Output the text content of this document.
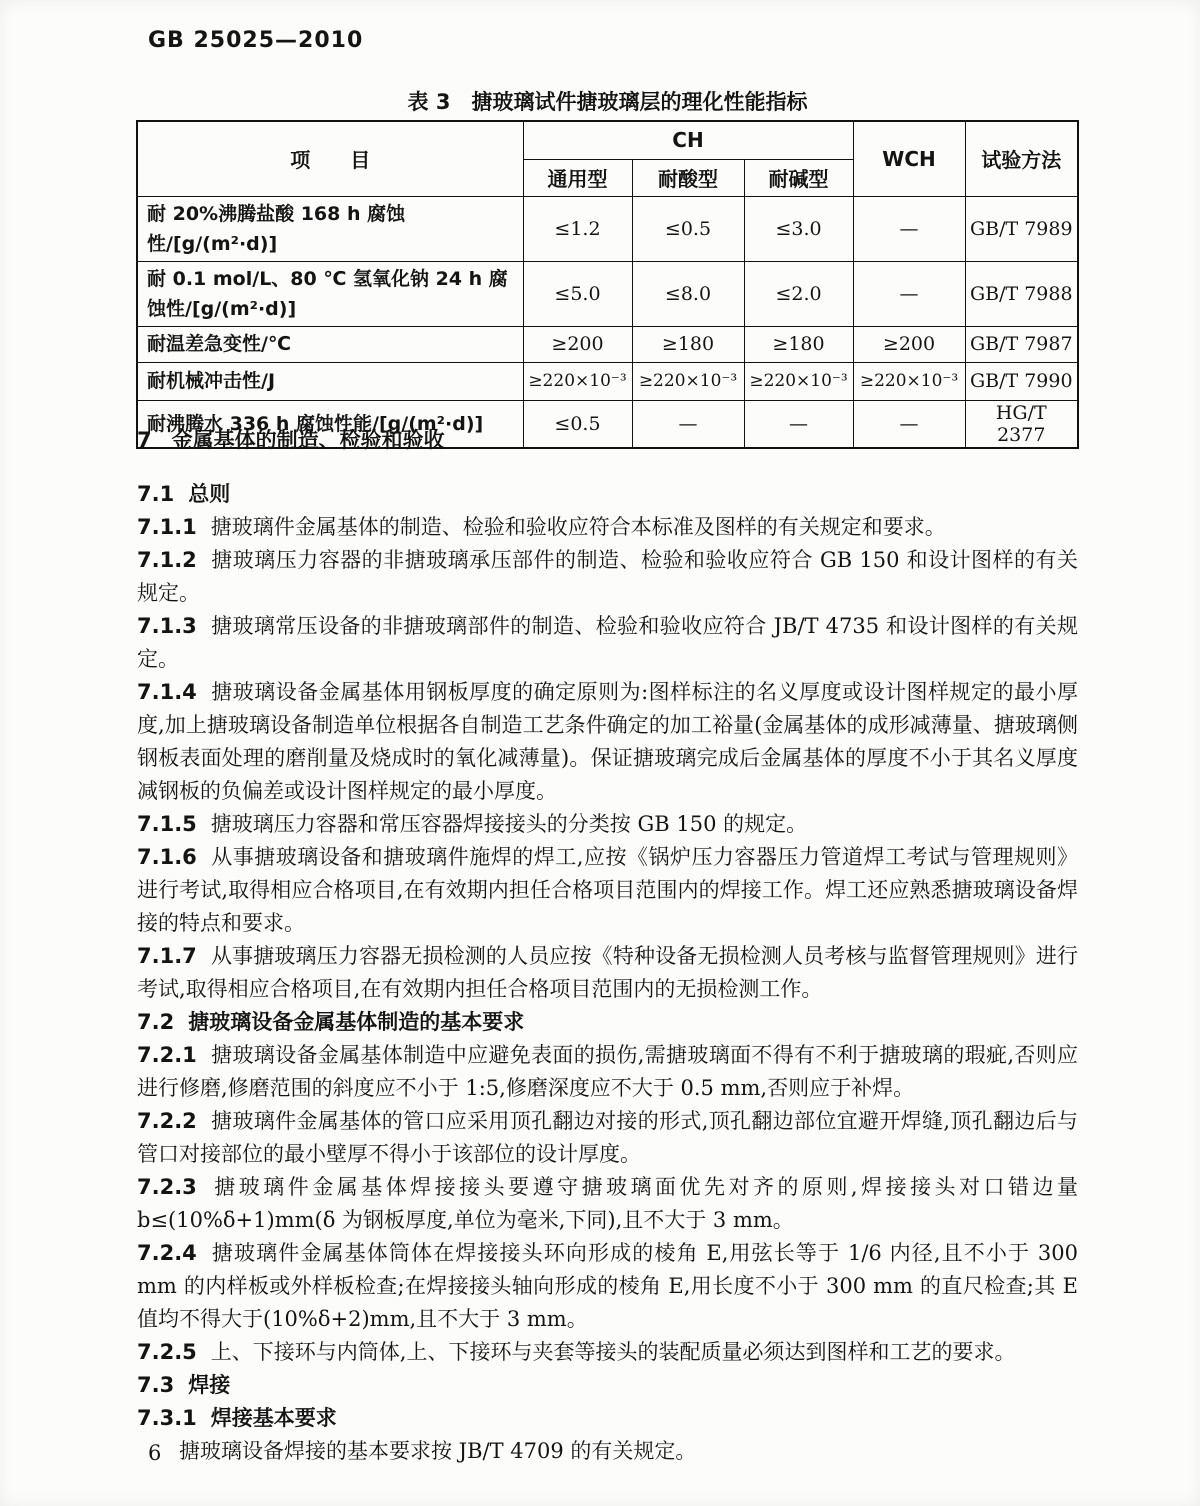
GB 25025—2010
表 3　搪玻璃试件搪玻璃层的理化性能指标
项　　目	CH			WCH	试验方法
	通用型	耐酸型	耐碱型		
耐 20%沸腾盐酸 168 h 腐蚀性/[g/(m²·d)]	≤1.2	≤0.5	≤3.0	—	GB/T 7989
耐 0.1 mol/L、80 ℃ 氢氧化钠 24 h 腐蚀性/[g/(m²·d)]	≤5.0	≤8.0	≤2.0	—	GB/T 7988
耐温差急变性/℃	≥200	≥180	≥180	≥200	GB/T 7987
耐机械冲击性/J	≥220×10⁻³	≥220×10⁻³	≥220×10⁻³	≥220×10⁻³	GB/T 7990
耐沸腾水 336 h 腐蚀性能/[g/(m²·d)]	≤0.5	—	—	—	HG/T 2377

7 金属基体的制造、检验和验收

7.1 总则

7.1.1 搪玻璃件金属基体的制造、检验和验收应符合本标准及图样的有关规定和要求。

7.1.2 搪玻璃压力容器的非搪玻璃承压部件的制造、检验和验收应符合 GB 150 和设计图样的有关规定。

7.1.3 搪玻璃常压设备的非搪玻璃部件的制造、检验和验收应符合 JB/T 4735 和设计图样的有关规定。

7.1.4 搪玻璃设备金属基体用钢板厚度的确定原则为:图样标注的名义厚度或设计图样规定的最小厚度,加上搪玻璃设备制造单位根据各自制造工艺条件确定的加工裕量(金属基体的成形减薄量、搪玻璃侧钢板表面处理的磨削量及烧成时的氧化减薄量)。保证搪玻璃完成后金属基体的厚度不小于其名义厚度减钢板的负偏差或设计图样规定的最小厚度。

7.1.5 搪玻璃压力容器和常压容器焊接接头的分类按 GB 150 的规定。

7.1.6 从事搪玻璃设备和搪玻璃件施焊的焊工,应按《锅炉压力容器压力管道焊工考试与管理规则》进行考试,取得相应合格项目,在有效期内担任合格项目范围内的焊接工作。焊工还应熟悉搪玻璃设备焊接的特点和要求。

7.1.7 从事搪玻璃压力容器无损检测的人员应按《特种设备无损检测人员考核与监督管理规则》进行考试,取得相应合格项目,在有效期内担任合格项目范围内的无损检测工作。

7.2 搪玻璃设备金属基体制造的基本要求

7.2.1 搪玻璃设备金属基体制造中应避免表面的损伤,需搪玻璃面不得有不利于搪玻璃的瑕疵,否则应进行修磨,修磨范围的斜度应不小于 1:5,修磨深度应不大于 0.5 mm,否则应于补焊。

7.2.2 搪玻璃件金属基体的管口应采用顶孔翻边对接的形式,顶孔翻边部位宜避开焊缝,顶孔翻边后与管口对接部位的最小壁厚不得小于该部位的设计厚度。

7.2.3 搪玻璃件金属基体焊接接头要遵守搪玻璃面优先对齐的原则,焊接接头对口错边量 b≤(10%δ+1)mm(δ 为钢板厚度,单位为毫米,下同),且不大于 3 mm。

7.2.4 搪玻璃件金属基体筒体在焊接接头环向形成的棱角 E,用弦长等于 1/6 内径,且不小于 300 mm 的内样板或外样板检查;在焊接接头轴向形成的棱角 E,用长度不小于 300 mm 的直尺检查;其 E 值均不得大于(10%δ+2)mm,且不大于 3 mm。

7.2.5 上、下接环与内筒体,上、下接环与夹套等接头的装配质量必须达到图样和工艺的要求。

7.3 焊接

7.3.1 焊接基本要求

搪玻璃设备焊接的基本要求按 JB/T 4709 的有关规定。

6
